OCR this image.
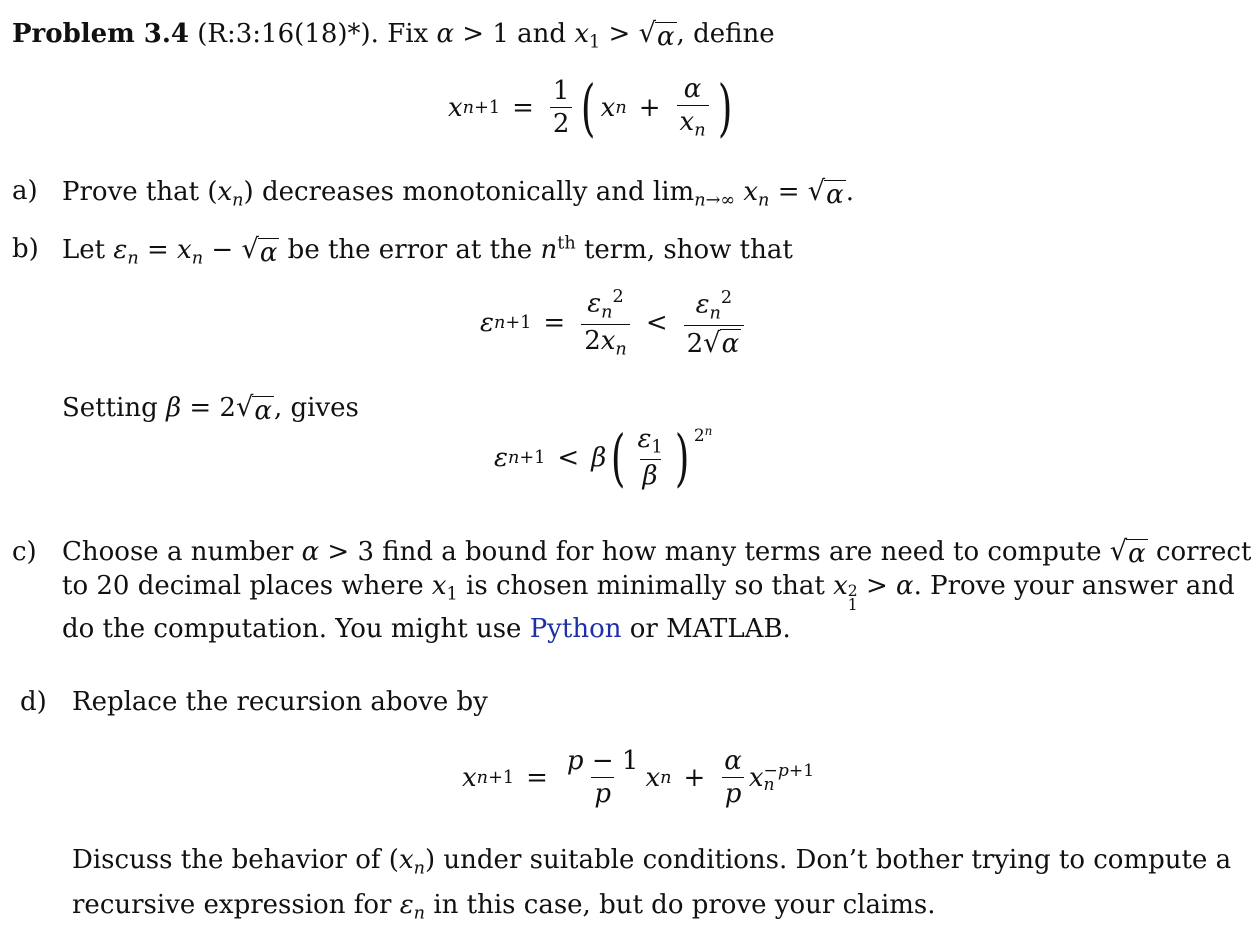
Problem 3.4 (R:3:16(18)*). Fix α > 1 and $x_1$ > √ α , define
x $n +1 = \frac{1}{2}$ ( x $n + \frac{\alpha}{x_n}$ )
a) Prove that $(x_n)$ decreases monotonically and $\lim_{n\to\infty} x_n$ = √ α .
b) Let $\varepsilon_n = x_n$ − √ α be the error at the $n^{th}$ term, show that
ε $n +1 = \frac{\varepsilon_n^2}{2x_n} < \frac{\varepsilon_n^2}{2 √ \alpha}$
Setting β = 2 √ α , gives
ε n +1 < β ( $\frac{\varepsilon_1}{\beta}$ ) 2$^n$
c) Choose a number α > 3 find a bound for how many terms are need to compute √ α correct
to 20 decimal places where $x_1$ is chosen minimally so that x 2
1
> α. Prove your answer and
do the computation. You might use Python or MATLAB.
d) Replace the recursion above by
x $n +1 = \frac{p - 1}{p}$ x $n + \frac{\alpha}{p}$ x −p+1
n
Discuss the behavior of $(x_n)$ under suitable conditions. Don’t bother trying to compute a
recursive expression for $\varepsilon_n$ in this case, but do prove your claims.
